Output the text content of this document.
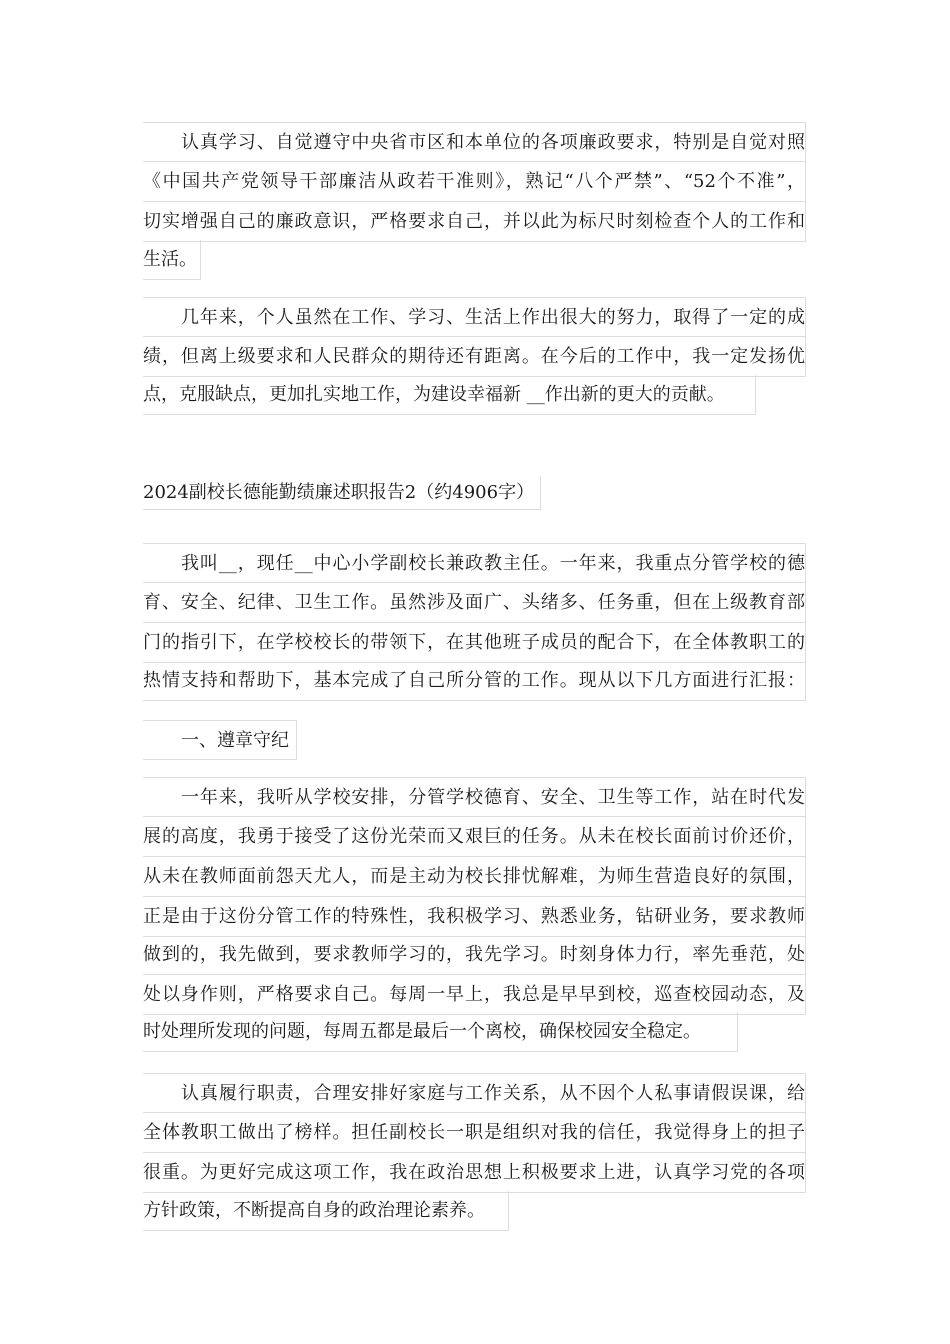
认真学习、自觉遵守中央省市区和本单位的各项廉政要求，特别是自觉对照
《中国共产党领导干部廉洁从政若干准则》，熟记“八个严禁”、“52个不准”，
切实增强自己的廉政意识，严格要求自己，并以此为标尺时刻检查个人的工作和
生活。
几年来，个人虽然在工作、学习、生活上作出很大的努力，取得了一定的成
绩，但离上级要求和人民群众的期待还有距离。在今后的工作中，我一定发扬优
点，克服缺点，更加扎实地工作，为建设幸福新 __作出新的更大的贡献。
2024副校长德能勤绩廉述职报告2（约4906字）
我叫__，现任__中心小学副校长兼政教主任。一年来，我重点分管学校的德
育、安全、纪律、卫生工作。虽然涉及面广、头绪多、任务重，但在上级教育部
门的指引下，在学校校长的带领下，在其他班子成员的配合下，在全体教职工的
热情支持和帮助下，基本完成了自己所分管的工作。现从以下几方面进行汇报：
一、遵章守纪
一年来，我听从学校安排，分管学校德育、安全、卫生等工作，站在时代发
展的高度，我勇于接受了这份光荣而又艰巨的任务。从未在校长面前讨价还价，
从未在教师面前怨天尤人，而是主动为校长排忧解难，为师生营造良好的氛围，
正是由于这份分管工作的特殊性，我积极学习、熟悉业务，钻研业务，要求教师
做到的，我先做到，要求教师学习的，我先学习。时刻身体力行，率先垂范，处
处以身作则，严格要求自己。每周一早上，我总是早早到校，巡查校园动态，及
时处理所发现的问题，每周五都是最后一个离校，确保校园安全稳定。
认真履行职责，合理安排好家庭与工作关系，从不因个人私事请假误课，给
全体教职工做出了榜样。担任副校长一职是组织对我的信任，我觉得身上的担子
很重。为更好完成这项工作，我在政治思想上积极要求上进，认真学习党的各项
方针政策，不断提高自身的政治理论素养。
